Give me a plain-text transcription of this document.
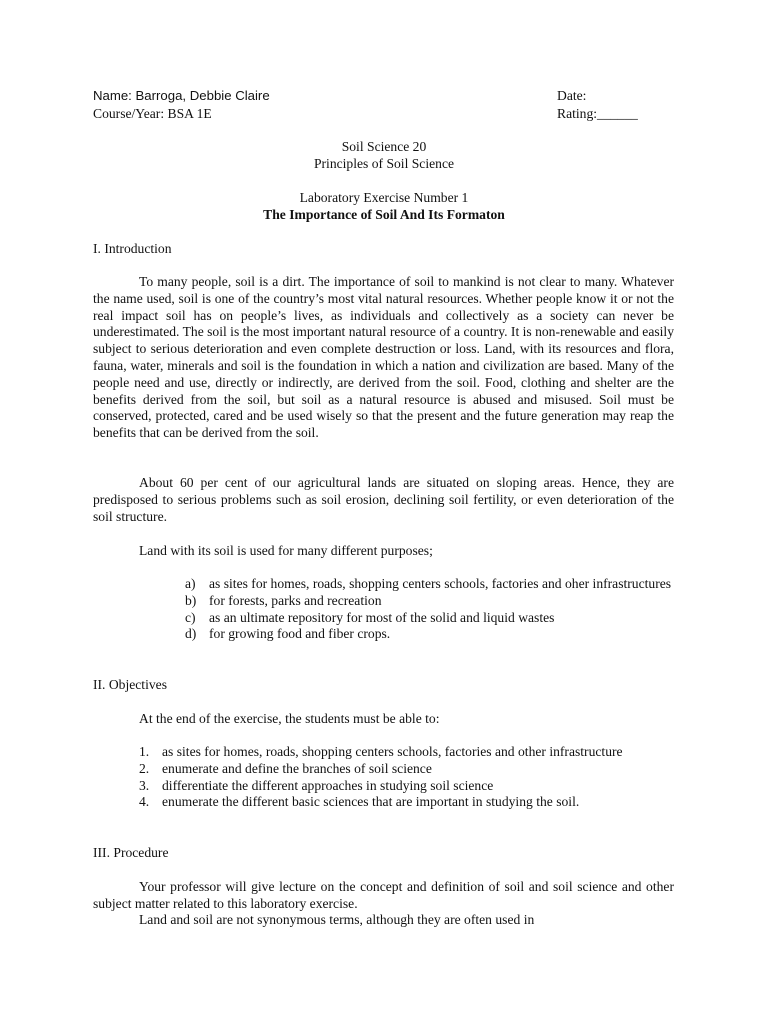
Name: Barroga, Debbie Claire	Date:
Course/Year: BSA 1E	Rating:______
Soil Science 20
Principles of Soil Science
Laboratory Exercise Number 1
The Importance of Soil And Its Formaton
I. Introduction

To many people, soil is a dirt. The importance of soil to mankind is not clear to many. Whatever the name used, soil is one of the country’s most vital natural resources. Whether people know it or not the real impact soil has on people’s lives, as individuals and collectively as a society can never be underestimated. The soil is the most important natural resource of a country. It is non-renewable and easily subject to serious deterioration and even complete destruction or loss. Land, with its resources and flora, fauna, water, minerals and soil is the foundation in which a nation and civilization are based. Many of the people need and use, directly or indirectly, are derived from the soil. Food, clothing and shelter are the benefits derived from the soil, but soil as a natural resource is abused and misused. Soil must be conserved, protected, cared and be used wisely so that the present and the future generation may reap the benefits that can be derived from the soil.

About 60 per cent of our agricultural lands are situated on sloping areas. Hence, they are predisposed to serious problems such as soil erosion, declining soil fertility, or even deterioration of the soil structure.

Land with its soil is used for many different purposes;

a) as sites for homes, roads, shopping centers schools, factories and oher infrastructures
b) for forests, parks and recreation
c) as an ultimate repository for most of the solid and liquid wastes
d) for growing food and fiber crops.
II. Objectives

At the end of the exercise, the students must be able to:

1. as sites for homes, roads, shopping centers schools, factories and other infrastructure
2. enumerate and define the branches of soil science
3. differentiate the different approaches in studying soil science
4. enumerate the different basic sciences that are important in studying the soil.
III. Procedure

Your professor will give lecture on the concept and definition of soil and soil science and other subject matter related to this laboratory exercise.

Land and soil are not synonymous terms, although they are often used in
